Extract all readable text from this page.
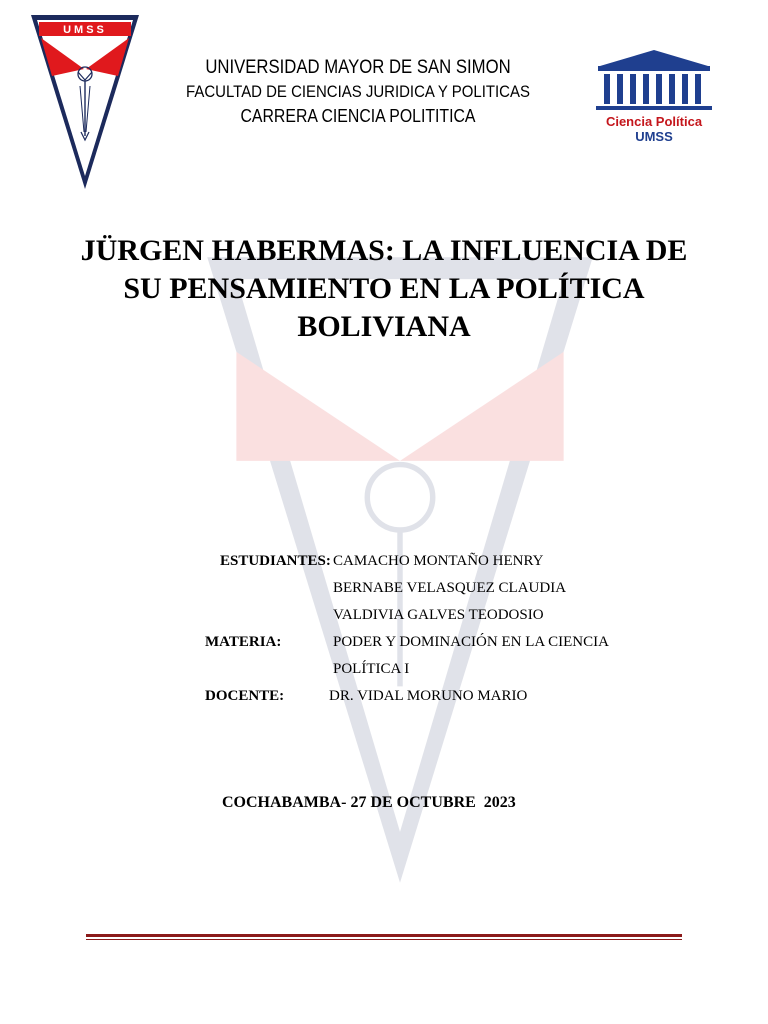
UMSS
Ciencia Política
UMSS
UNIVERSIDAD MAYOR DE SAN SIMON
FACULTAD DE CIENCIAS JURIDICA Y POLITICAS
CARRERA CIENCIA POLITITICA
JÜRGEN HABERMAS: LA INFLUENCIA DE SU PENSAMIENTO EN LA POLÍTICA BOLIVIANA
ESTUDIANTES: CAMACHO MONTAÑO HENRY
BERNABE VELASQUEZ CLAUDIA
VALDIVIA GALVES TEODOSIO
MATERIA:	PODER Y DOMINACIÓN EN LA CIENCIA
POLÍTICA I
DOCENTE:	DR. VIDAL MORUNO MARIO
COCHABAMBA- 27 DE OCTUBRE  2023
